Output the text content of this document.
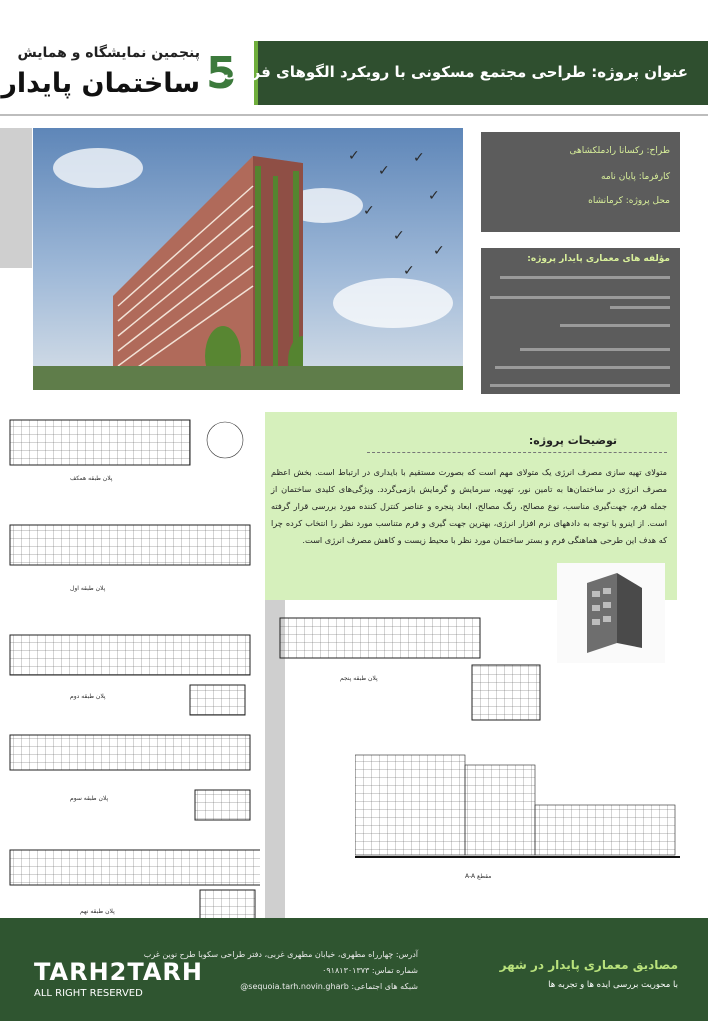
پنجمین نمایشگاه و همایش
ساختمان پایدار 5
عنوان پروژه: طراحی مجتمع مسکونی با رویکرد الگوهای فرمال
✓
✓
✓
✓
✓
✓
✓
✓
طراح: رکسانا رادملکشاهی
کارفرما: پایان نامه
محل پروژه: کرمانشاه
مؤلفه های معماری پایدار پروژه:
توضیحات پروژه:
متولای تهیه سازی مصرف انرژی یک متولای مهم است که بصورت مستقیم با بایداری در ارتباط است. بخش اعظم مصرف انرژی در ساختمان‌ها به تامین نور، تهویه، سرمایش و گرمایش بازمی‌گردد. ویژگی‌های کلیدی ساختمان از جمله فرم، جهت‌گیری مناسب، نوع مصالح، رنگ مصالح، ابعاد پنجره و عناصر کنترل کننده مورد بررسی قرار گرفته است. از اینرو با توجه به دادههای نرم افزار انرژی، بهترین جهت گیری و فرم متناسب مورد نظر را انتخاب کرده چرا که هدف این طرحی هماهنگی فرم و بستر ساختمان مورد نظر با محیط زیست و کاهش مصرف انرژی است.
پلان طبقه همکف
پلان طبقه اول
پلان طبقه دوم
پلان طبقه سوم
پلان طبقه نهم
پلان طبقه پنجم
مقطع A-A
TARH2TARH
ALL RIGHT RESERVED
آدرس: چهارراه مطهری، خیابان مطهری غربی، دفتر طراحی سکوبا طرح نوین غرب
شماره تماس: ۰۹۱۸۱۳۰۱۳۷۳
شبکه های اجتماعی: sequoia.tarh.novin.gharb@
مصادیق معماری پایدار در شهر
با محوریت بررسی ایده ها و تجربه ها
